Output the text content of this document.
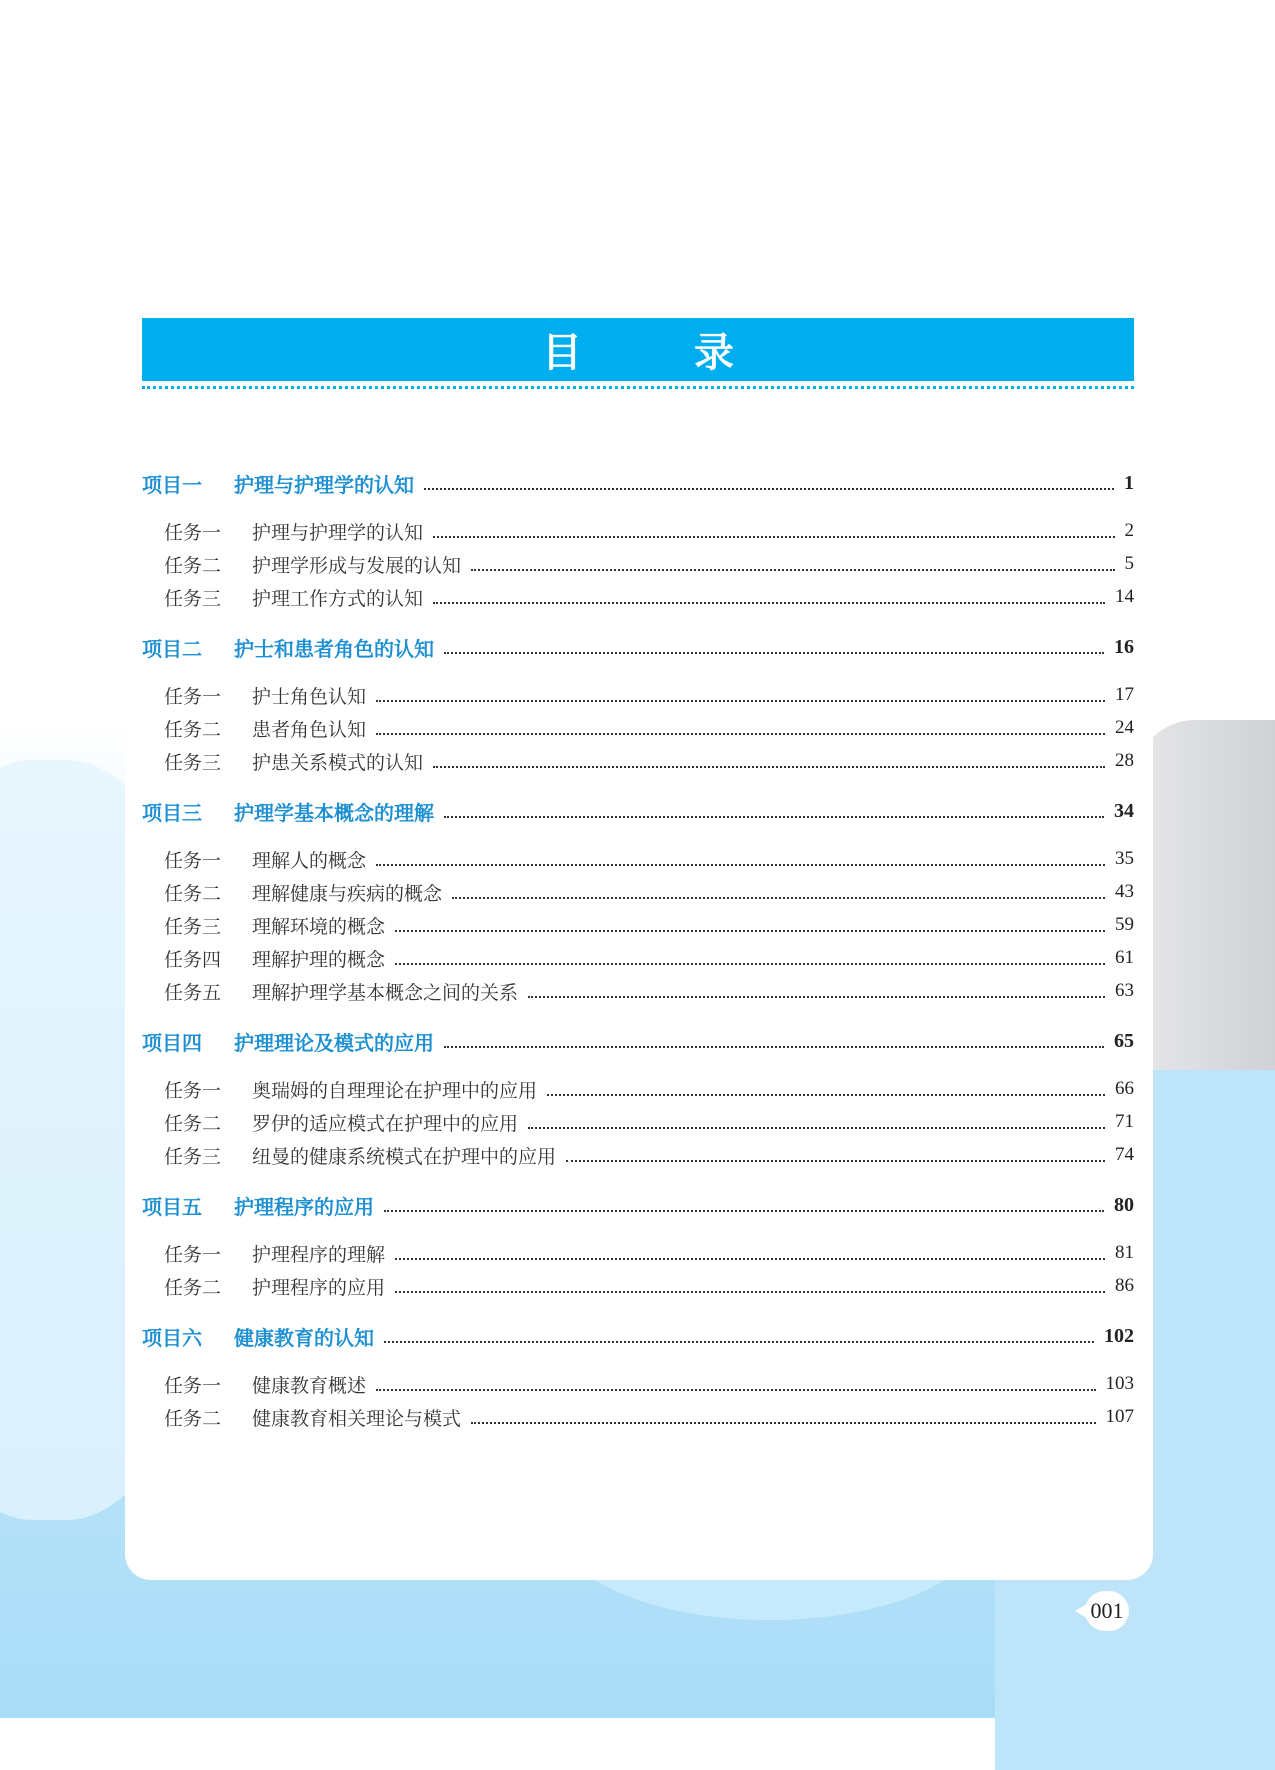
目　录
项目一	护理与护理学的认知	1
任务一	护理与护理学的认知	2
任务二	护理学形成与发展的认知	5
任务三	护理工作方式的认知	14
项目二	护士和患者角色的认知	16
任务一	护士角色认知	17
任务二	患者角色认知	24
任务三	护患关系模式的认知	28
项目三	护理学基本概念的理解	34
任务一	理解人的概念	35
任务二	理解健康与疾病的概念	43
任务三	理解环境的概念	59
任务四	理解护理的概念	61
任务五	理解护理学基本概念之间的关系	63
项目四	护理理论及模式的应用	65
任务一	奥瑞姆的自理理论在护理中的应用	66
任务二	罗伊的适应模式在护理中的应用	71
任务三	纽曼的健康系统模式在护理中的应用	74
项目五	护理程序的应用	80
任务一	护理程序的理解	81
任务二	护理程序的应用	86
项目六	健康教育的认知	102
任务一	健康教育概述	103
任务二	健康教育相关理论与模式	107
001
